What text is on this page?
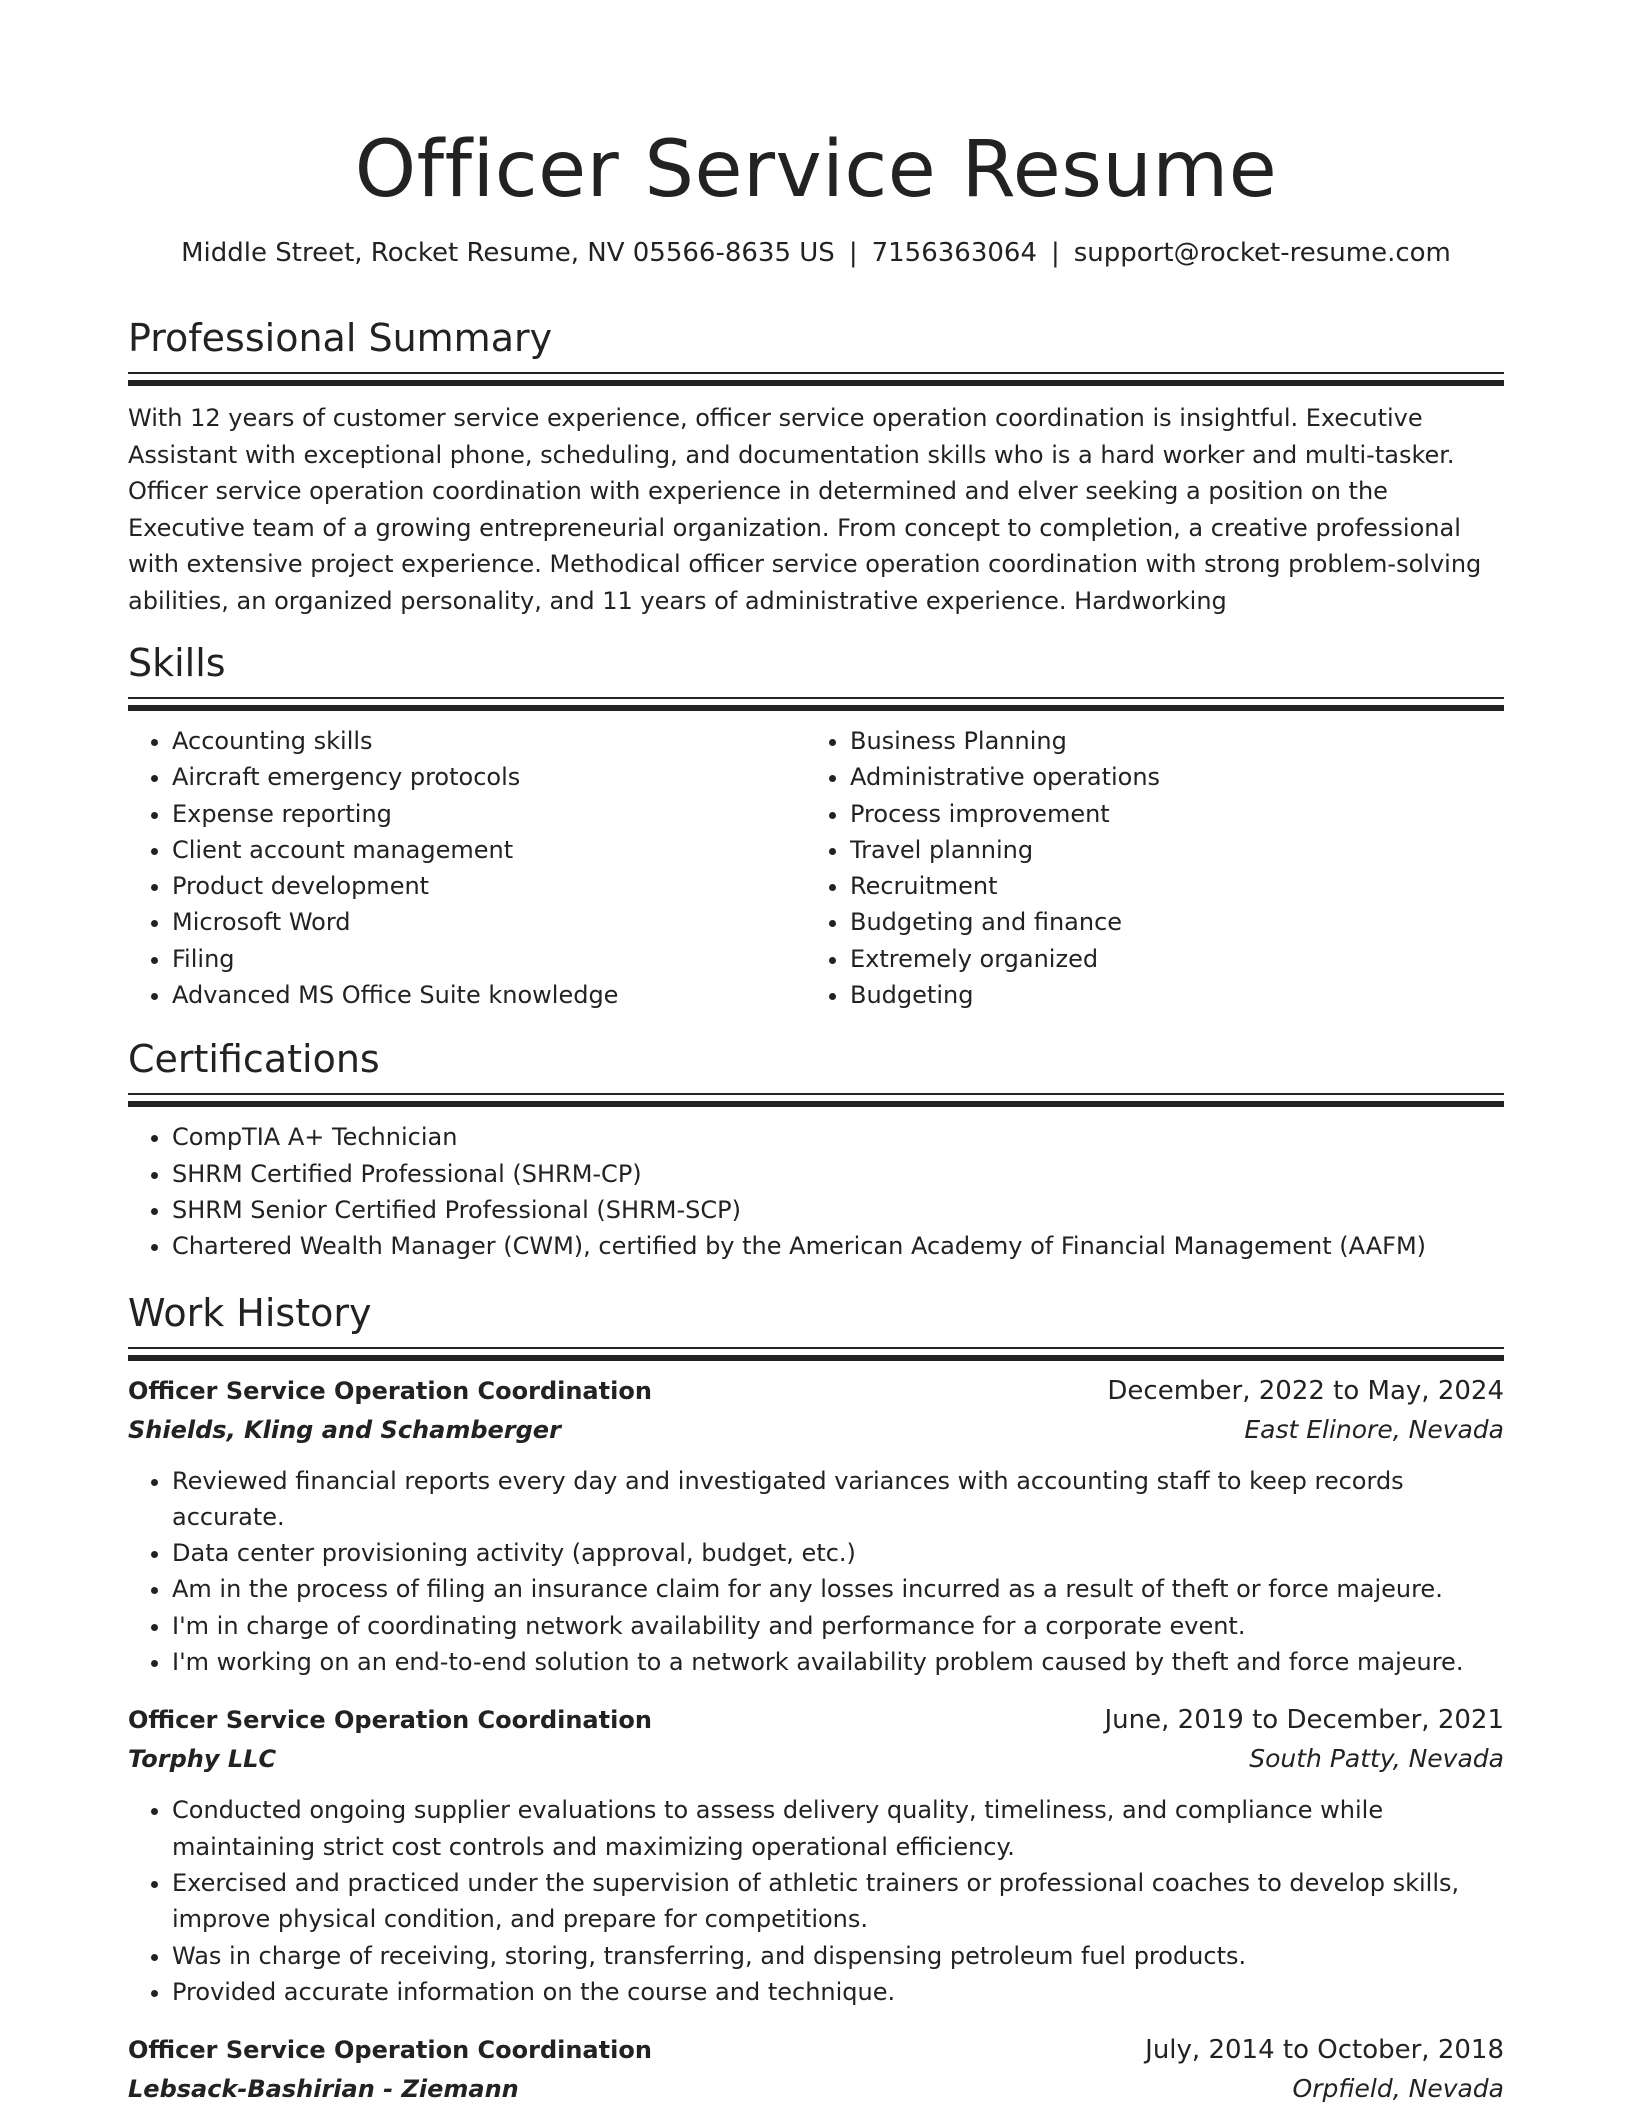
Officer Service Resume
Middle Street, Rocket Resume, NV 05566-8635 US | 7156363064 | support@rocket-resume.com
Professional Summary

With 12 years of customer service experience, officer service operation coordination is insightful. Executive Assistant with exceptional phone, scheduling, and documentation skills who is a hard worker and multi-tasker. Officer service operation coordination with experience in determined and elver seeking a position on the Executive team of a growing entrepreneurial organization. From concept to completion, a creative professional with extensive project experience. Methodical officer service operation coordination with strong problem-solving abilities, an organized personality, and 11 years of administrative experience. Hardworking

Skills
• Accounting skills
• Aircraft emergency protocols
• Expense reporting
• Client account management
• Product development
• Microsoft Word
• Filing
• Advanced MS Office Suite knowledge
• Business Planning
• Administrative operations
• Process improvement
• Travel planning
• Recruitment
• Budgeting and finance
• Extremely organized
• Budgeting
Certifications
• CompTIA A+ Technician
• SHRM Certified Professional (SHRM-CP)
• SHRM Senior Certified Professional (SHRM-SCP)
• Chartered Wealth Manager (CWM), certified by the American Academy of Financial Management (AAFM)
Work History
Officer Service Operation Coordination	December, 2022 to May, 2024
Shields, Kling and Schamberger	East Elinore, Nevada
• Reviewed financial reports every day and investigated variances with accounting staff to keep records accurate.
• Data center provisioning activity (approval, budget, etc.)
• Am in the process of filing an insurance claim for any losses incurred as a result of theft or force majeure.
• I'm in charge of coordinating network availability and performance for a corporate event.
• I'm working on an end-to-end solution to a network availability problem caused by theft and force majeure.
Officer Service Operation Coordination	June, 2019 to December, 2021
Torphy LLC	South Patty, Nevada
• Conducted ongoing supplier evaluations to assess delivery quality, timeliness, and compliance while maintaining strict cost controls and maximizing operational efficiency.
• Exercised and practiced under the supervision of athletic trainers or professional coaches to develop skills, improve physical condition, and prepare for competitions.
• Was in charge of receiving, storing, transferring, and dispensing petroleum fuel products.
• Provided accurate information on the course and technique.
Officer Service Operation Coordination	July, 2014 to October, 2018
Lebsack-Bashirian - Ziemann	Orpfield, Nevada
